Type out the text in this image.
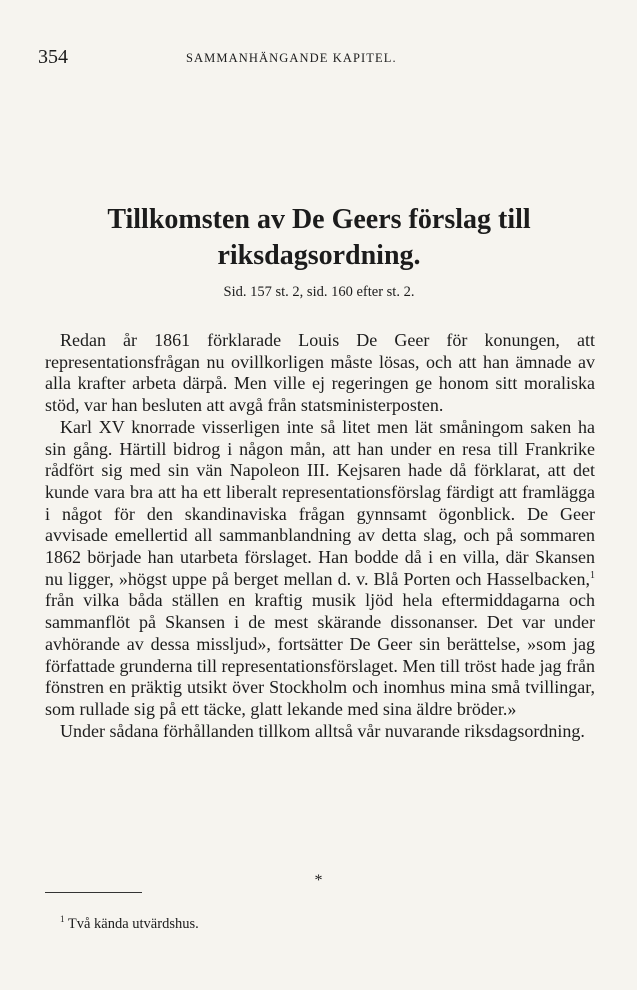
354	SAMMANHÄNGANDE KAPITEL.
Tillkomsten av De Geers förslag till riksdagsordning.
Sid. 157 st. 2, sid. 160 efter st. 2.

Redan år 1861 förklarade Louis De Geer för konungen, att representationsfrågan nu ovillkorligen måste lösas, och att han ämnade av alla krafter arbeta därpå. Men ville ej regeringen ge honom sitt moraliska stöd, var han besluten att avgå från statsministerposten.

Karl XV knorrade visserligen inte så litet men lät småningom saken ha sin gång. Härtill bidrog i någon mån, att han under en resa till Frankrike rådfört sig med sin vän Napoleon III. Kejsaren hade då förklarat, att det kunde vara bra att ha ett liberalt representationsförslag färdigt att framlägga i något för den skandinaviska frågan gynnsamt ögonblick. De Geer avvisade emellertid all sammanblandning av detta slag, och på sommaren 1862 började han utarbeta förslaget. Han bodde då i en villa, där Skansen nu ligger, »högst uppe på berget mellan d. v. Blå Porten och Hasselbacken,$^1$ från vilka båda ställen en kraftig musik ljöd hela eftermiddagarna och sammanflöt på Skansen i de mest skärande dissonanser. Det var under avhörande av dessa missljud», fortsätter De Geer sin berättelse, »som jag författade grunderna till representationsförslaget. Men till tröst hade jag från fönstren en präktig utsikt över Stockholm och inomhus mina små tvillingar, som rullade sig på ett täcke, glatt lekande med sina äldre bröder.»

Under sådana förhållanden tillkom alltså vår nuvarande riksdagsordning.

*
$^1$ Två kända utvärdshus.
